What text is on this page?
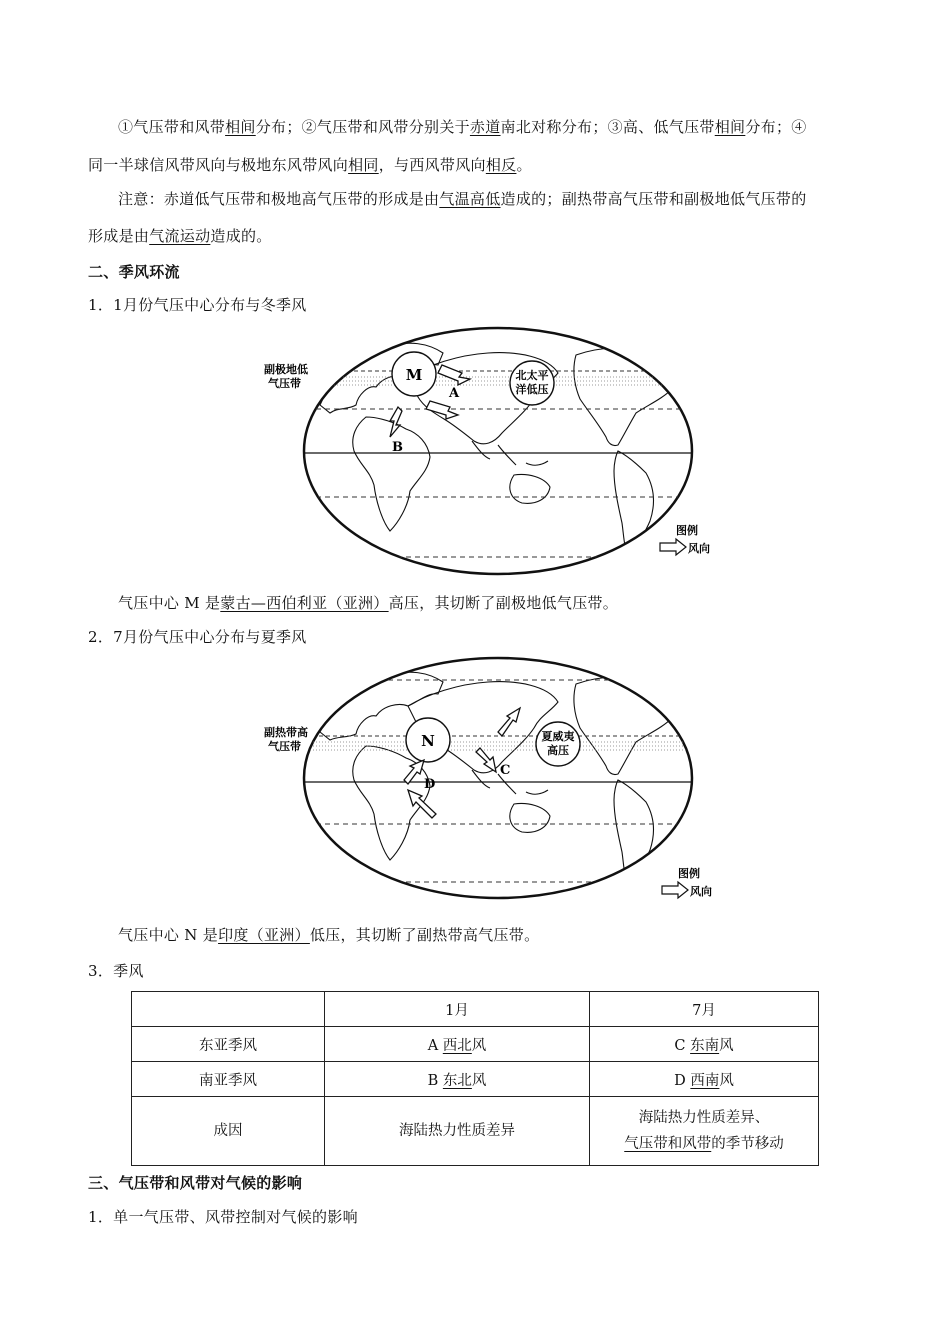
①气压带和风带相间分布；②气压带和风带分别关于赤道南北对称分布；③高、低气压带相间分布；④
同一半球信风带风向与极地东风带风向相同，与西风带风向相反。
注意：赤道低气压带和极地高气压带的形成是由气温高低造成的；副热带高气压带和副极地低气压带的
形成是由气流运动造成的。
二、季风环流
1．1月份气压中心分布与冬季风
M	北太平
洋低压
副极地低
气压带
A
B
图例
风向
气压中心 M 是蒙古—西伯利亚（亚洲）高压，其切断了副极地低气压带。
2．7月份气压中心分布与夏季风
N	夏威夷
高压
副热带高
气压带
C
D
图例
风向
气压中心 N 是印度（亚洲）低压，其切断了副热带高气压带。
3．季风
	1月	7月
东亚季风	A 西北风	C 东南风
南亚季风	B 东北风	D 西南风
成因	海陆热力性质差异	海陆热力性质差异、
气压带和风带的季节移动
三、气压带和风带对气候的影响
1．单一气压带、风带控制对气候的影响
